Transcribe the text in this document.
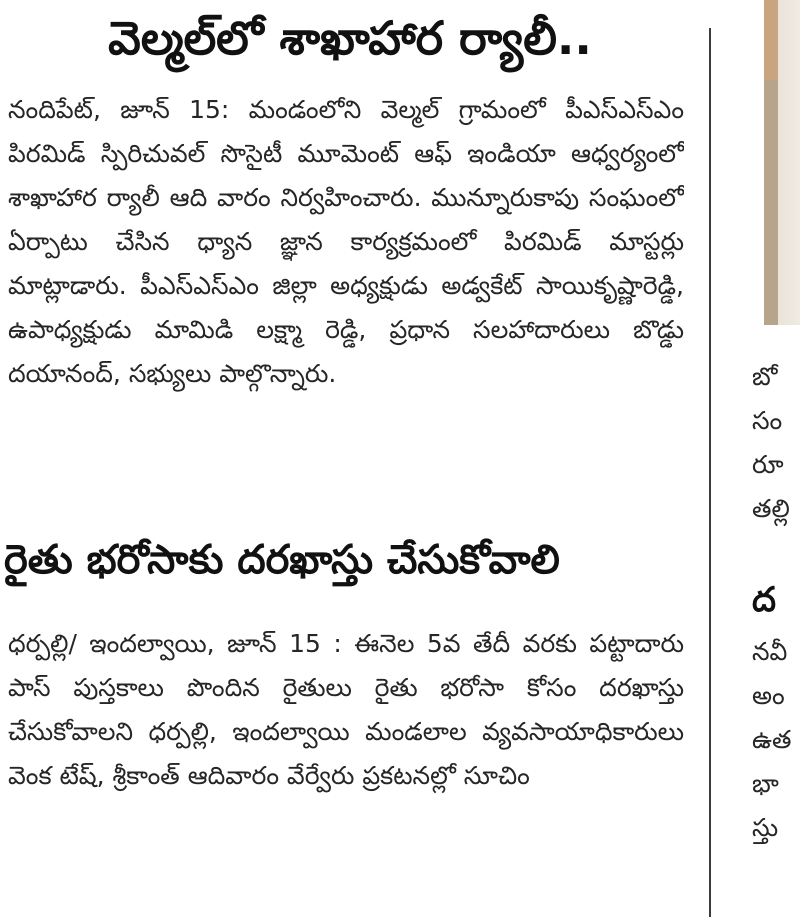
వెల్మల్‌లో శాఖాహార ర్యాలీ..

నందిపేట్, జూన్ 15: మండంలోని వెల్మల్ గ్రామంలో పీఎస్ఎస్ఎం పిరమిడ్ స్పిరిచువల్ సొసైటీ మూమెంట్ ఆఫ్ ఇండియా ఆధ్వర్యంలో శాఖాహార ర్యాలీ ఆది వారం నిర్వహించారు. మున్నూరుకాపు సంఘంలో ఏర్పాటు చేసిన ధ్యాన జ్ఞాన కార్యక్రమంలో పిరమిడ్ మాస్టర్లు మాట్లాడారు. పీఎస్ఎస్ఎం జిల్లా అధ్యక్షుడు అడ్వకేట్ సాయికృష్ణారెడ్డి, ఉపాధ్యక్షుడు మామిడి లక్ష్మా రెడ్డి, ప్రధాన సలహాదారులు బొడ్డు దయానంద్, సభ్యులు పాల్గొన్నారు.

రైతు భరోసాకు దరఖాస్తు చేసుకోవాలి

ధర్పల్లి/ ఇందల్వాయి, జూన్ 15 : ఈనెల 5వ తేదీ వరకు పట్టాదారు పాస్ పుస్తకాలు పొందిన రైతులు రైతు భరోసా కోసం దరఖాస్తు చేసుకోవాలని ధర్పల్లి, ఇందల్వాయి మండలాల వ్యవసాయాధికారులు వెంక టేష్, శ్రీకాంత్ ఆదివారం వేర్వేరు ప్రకటనల్లో సూచిం

బో
సం
రూ
తల్లి
ద
నవీ
అం
ఉత
భా
స్తు
